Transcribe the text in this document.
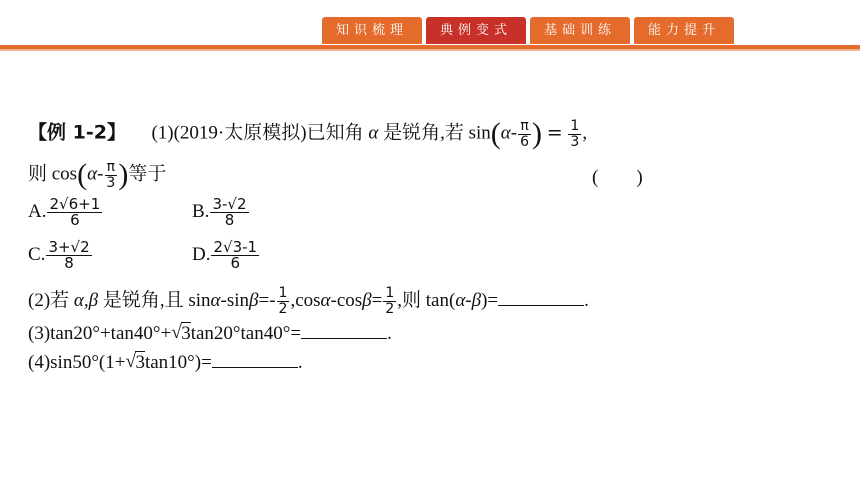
知识梳理	典例变式	基础训练	能力提升
【例 1-2】 (1)(2019·太原模拟)已知角 α 是锐角,若 $\sin(\alpha- \frac{\pi}{6}$ ) = $\frac{1}{3}$ ,
则 $\cos(\alpha- \frac{\pi}{3}$ )等于	(　　)
A. $\frac{2√6+1}{6}$	B. $\frac{3-√2}{8}$
C. $\frac{3+√2}{8}$	D. $\frac{2√3-1}{6}$
(2)若 α,β 是锐角,且 $\sin\alpha-\sin\beta=- \frac{1}{2} ,\cos\alpha-\cos\beta= \frac{1}{2}$ ,则 tan(α-β)=	.
(3)tan20°+tan40°+ √ 3tan20°tan40°=	.
(4)sin50°(1+ √ 3tan10°)=	.
